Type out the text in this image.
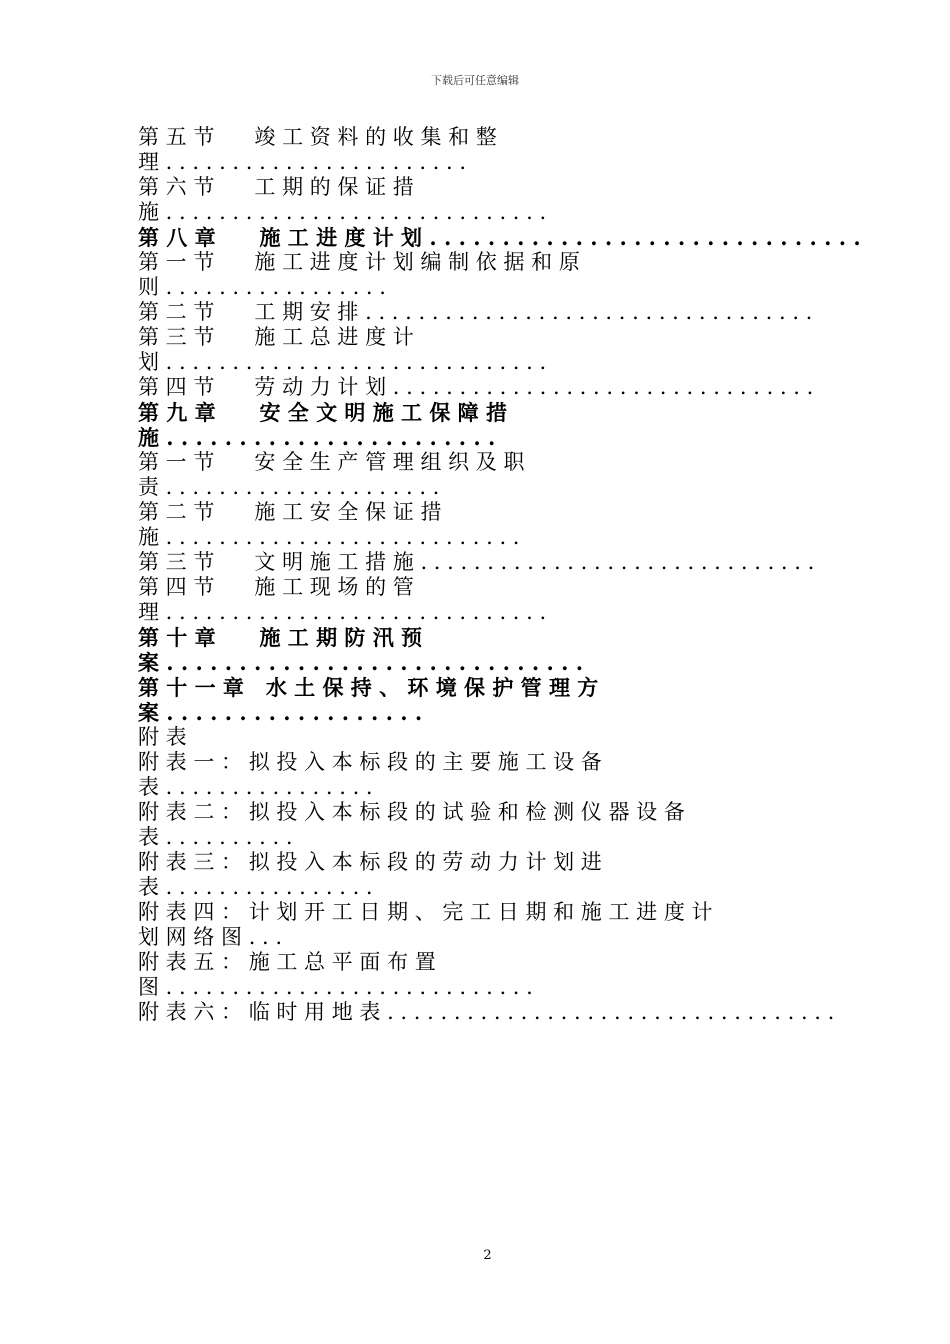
下载后可任意编辑
第 五 节      竣 工 资 料 的 收 集 和 整
理 . . . . . . . . . . . . . . . . . . . . . . .
第 六 节      工 期 的 保 证 措
施 . . . . . . . . . . . . . . . . . . . . . . . . . . . . .
第 八 章      施 工 进 度 计 划 . . . . . . . . . . . . . . . . . . . . . . . . . . . . . .
第 一 节      施 工 进 度 计 划 编 制 依 据 和 原
则 . . . . . . . . . . . . . . . . .
第 二 节      工 期 安 排 . . . . . . . . . . . . . . . . . . . . . . . . . . . . . . . . . .
第 三 节      施 工 总 进 度 计
划 . . . . . . . . . . . . . . . . . . . . . . . . . . . . .
第 四 节      劳 动 力 计 划 . . . . . . . . . . . . . . . . . . . . . . . . . . . . . . . .
第 九 章      安 全 文 明 施 工 保 障 措
施 . . . . . . . . . . . . . . . . . . . . . . .
第 一 节      安 全 生 产 管 理 组 织 及 职
责 . . . . . . . . . . . . . . . . . . . . .
第 二 节      施 工 安 全 保 证 措
施 . . . . . . . . . . . . . . . . . . . . . . . . . . .
第 三 节      文 明 施 工 措 施 . . . . . . . . . . . . . . . . . . . . . . . . . . . . . .
第 四 节      施 工 现 场 的 管
理 . . . . . . . . . . . . . . . . . . . . . . . . . . . . .
第 十 章      施 工 期 防 汛 预
案 . . . . . . . . . . . . . . . . . . . . . . . . . . . . .
第 十 一 章   水 土 保 持 、 环 境 保 护 管 理 方
案 . . . . . . . . . . . . . . . . . .
附 表
附 表 一 ： 拟 投 入 本 标 段 的 主 要 施 工 设 备
表 . . . . . . . . . . . . . . . .
附 表 二 ： 拟 投 入 本 标 段 的 试 验 和 检 测 仪 器 设 备
表 . . . . . . . . . .
附 表 三 ： 拟 投 入 本 标 段 的 劳 动 力 计 划 进
表 . . . . . . . . . . . . . . . .
附 表 四 ： 计 划 开 工 日 期 、 完 工 日 期 和 施 工 进 度 计
划 网 络 图 . . .
附 表 五 ： 施 工 总 平 面 布 置
图 . . . . . . . . . . . . . . . . . . . . . . . . . . . .
附 表 六 ： 临 时 用 地 表 . . . . . . . . . . . . . . . . . . . . . . . . . . . . . . . . . .
2
